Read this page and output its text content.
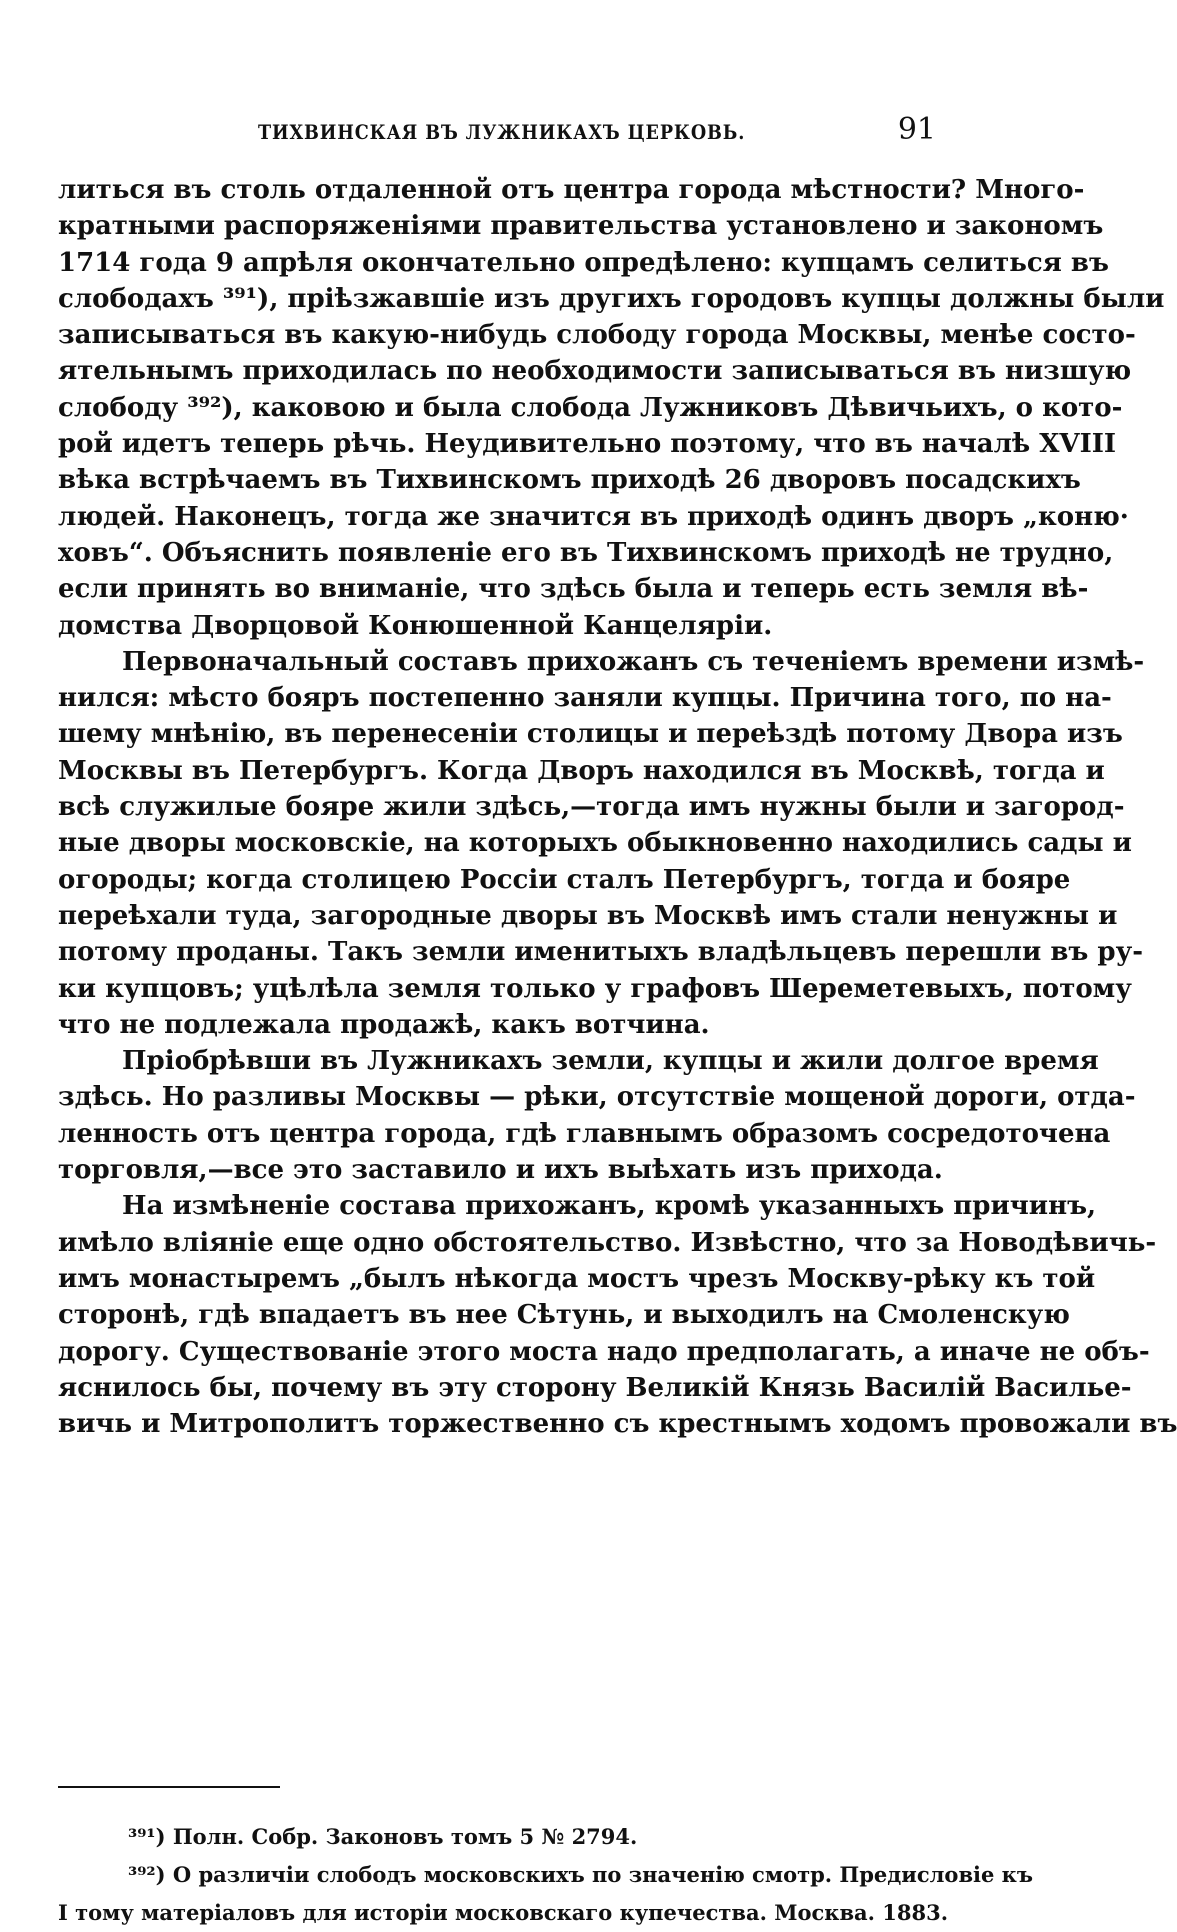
ТИХВИНСКАЯ ВЪ ЛУЖНИКАХЪ ЦЕРКОВЬ.	91
литься въ столь отдаленной отъ центра города мѣстности? Много-
кратными распоряженіями правительства установлено и закономъ
1714 года 9 апрѣля окончательно опредѣлено: купцамъ селиться въ
слободахъ ³⁹¹), пріѣзжавшіе изъ другихъ городовъ купцы должны были
записываться въ какую-нибудь слободу города Москвы, менѣе состо-
ятельнымъ приходилась по необходимости записываться въ низшую
слободу ³⁹²), каковою и была слобода Лужниковъ Дѣвичьихъ, о кото-
рой идетъ теперь рѣчь. Неудивительно поэтому, что въ началѣ XVIII
вѣка встрѣчаемъ въ Тихвинскомъ приходѣ 26 дворовъ посадскихъ
людей. Наконецъ, тогда же значится въ приходѣ одинъ дворъ „коню·
ховъ“. Объяснить появленіе его въ Тихвинскомъ приходѣ не трудно,
если принять во вниманіе, что здѣсь была и теперь есть земля вѣ-
домства Дворцовой Конюшенной Канцеляріи.
Первоначальный составъ прихожанъ съ теченіемъ времени измѣ-
нился: мѣсто бояръ постепенно заняли купцы. Причина того, по на-
шему мнѣнію, въ перенесеніи столицы и переѣздѣ потому Двора изъ
Москвы въ Петербургъ. Когда Дворъ находился въ Москвѣ, тогда и
всѣ служилые бояре жили здѣсь,—тогда имъ нужны были и загород-
ные дворы московскіе, на которыхъ обыкновенно находились сады и
огороды; когда столицею Россіи сталъ Петербургъ, тогда и бояре
переѣхали туда, загородные дворы въ Москвѣ имъ стали ненужны и
потому проданы. Такъ земли именитыхъ владѣльцевъ перешли въ ру-
ки купцовъ; уцѣлѣла земля только у графовъ Шереметевыхъ, потому
что не подлежала продажѣ, какъ вотчина.
Пріобрѣвши въ Лужникахъ земли, купцы и жили долгое время
здѣсь. Но разливы Москвы — рѣки, отсутствіе мощеной дороги, отда-
ленность отъ центра города, гдѣ главнымъ образомъ сосредоточена
торговля,—все это заставило и ихъ выѣхать изъ прихода.
На измѣненіе состава прихожанъ, кромѣ указанныхъ причинъ,
имѣло вліяніе еще одно обстоятельство. Извѣстно, что за Новодѣвичь-
имъ монастыремъ „былъ нѣкогда мостъ чрезъ Москву-рѣку къ той
сторонѣ, гдѣ впадаетъ въ нее Сѣтунь, и выходилъ на Смоленскую
дорогу. Существованіе этого моста надо предполагать, а иначе не объ-
яснилось бы, почему въ эту сторону Великій Князь Василій Василье-
вичь и Митрополитъ торжественно съ крестнымъ ходомъ провожали въ
³⁹¹) Полн. Собр. Законовъ томъ 5 № 2794.
³⁹²) О различіи слободъ московскихъ по значенію смотр. Предисловіе къ
I тому матеріаловъ для исторіи московскаго купечества. Москва. 1883.
